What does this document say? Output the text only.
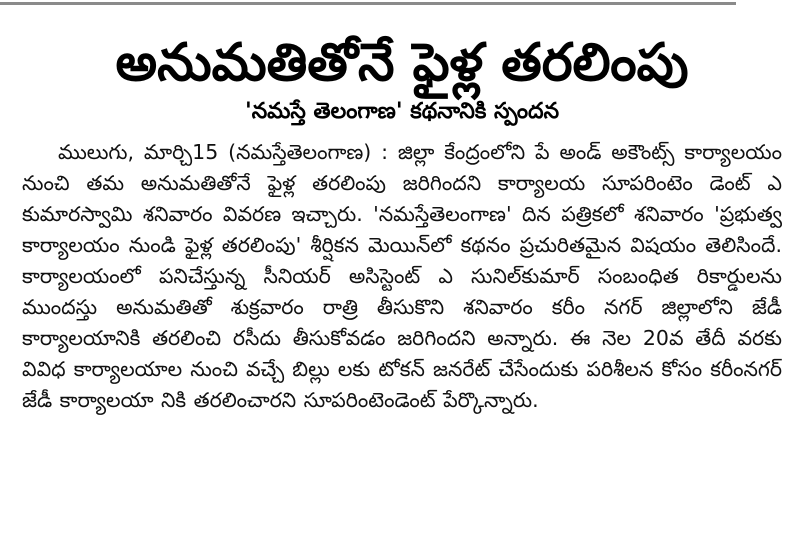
అనుమతితోనే ఫైళ్ల తరలింపు
'నమస్తే తెలంగాణ' కథనానికి స్పందన

ములుగు, మార్చి15 (నమస్తేతెలంగాణ) : జిల్లా కేంద్రంలోని పే అండ్ అకౌంట్స్ కార్యాలయం నుంచి తమ అనుమతితోనే ఫైళ్ల తరలింపు జరిగిందని కార్యాలయ సూపరింటెం డెంట్ ఎ కుమారస్వామి శనివారం వివరణ ఇచ్చారు. 'నమస్తేతెలంగాణ' దిన పత్రికలో శనివారం 'ప్రభుత్వ కార్యాలయం నుండి ఫైళ్ల తరలింపు' శీర్షికన మెయిన్‌లో కథనం ప్రచురితమైన విషయం తెలిసిందే. కార్యాలయంలో పనిచేస్తున్న సీనియర్ అసిస్టెంట్ ఎ సునిల్‌కుమార్ సంబంధిత రికార్డులను ముందస్తు అనుమతితో శుక్రవారం రాత్రి తీసుకొని శనివారం కరీం నగర్ జిల్లాలోని జేడీ కార్యాలయానికి తరలించి రసీదు తీసుకోవడం జరిగిందని అన్నారు. ఈ నెల 20వ తేదీ వరకు వివిధ కార్యాలయాల నుంచి వచ్చే బిల్లు లకు టోకన్ జనరేట్ చేసేందుకు పరిశీలన కోసం కరీంనగర్ జేడీ కార్యాలయా నికి తరలించారని సూపరింటెండెంట్ పేర్కొన్నారు.
